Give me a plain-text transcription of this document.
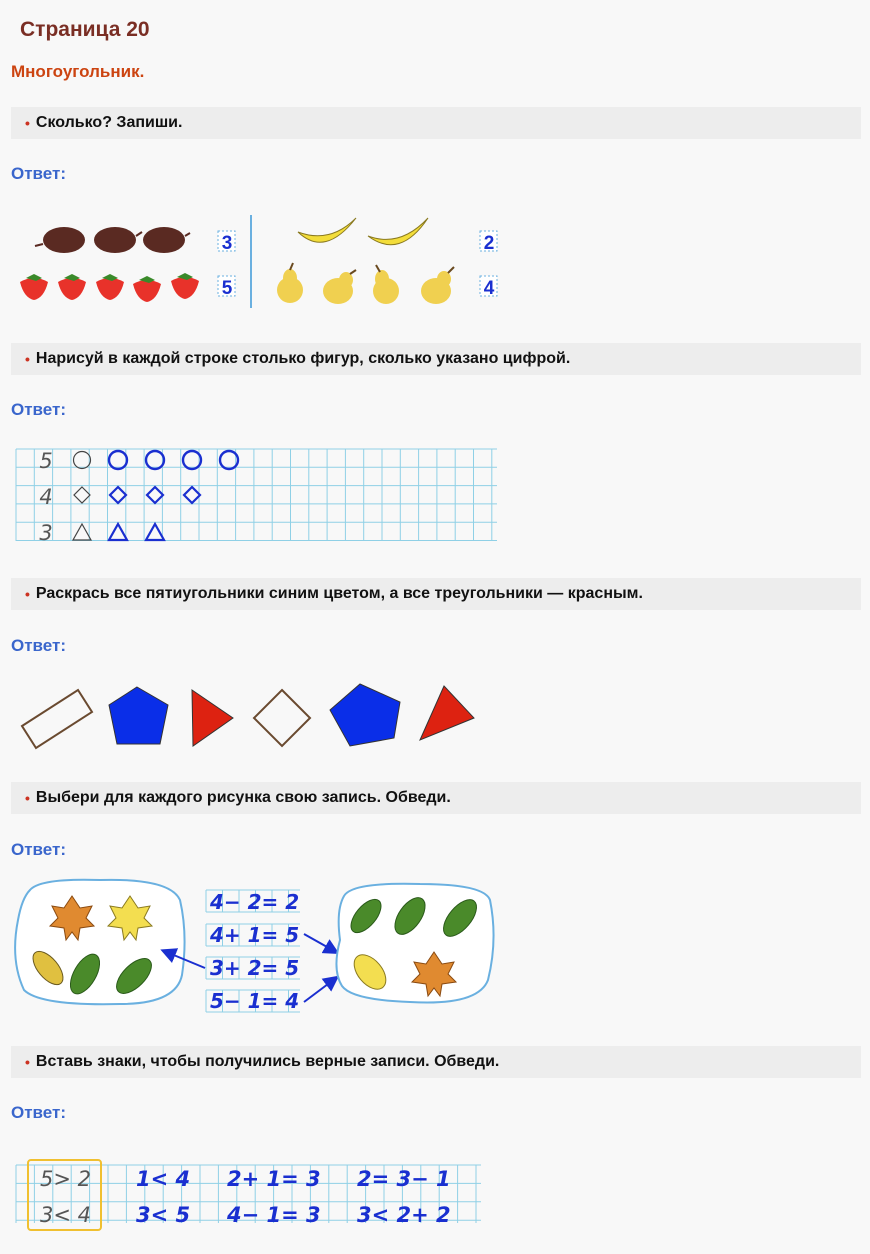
Страница 20
Многоугольник.
• Сколько? Запиши.
Ответ:
3
5
2
4
• Нарисуй в каждой строке столько фигур, сколько указано цифрой.
Ответ:
5
4
3
• Раскрась все пятиугольники синим цветом, а все треугольники — красным.
Ответ:
• Выбери для каждого рисунка свою запись. Обведи.
Ответ:
4− 2= 2
4+ 1= 5
3+ 2= 5
5− 1= 4
• Вставь знаки, чтобы получились верные записи. Обведи.
Ответ:
5> 2
3< 4
1< 4 2+ 1= 3 2= 3− 1
3< 5 4− 1= 3 3< 2+ 2
